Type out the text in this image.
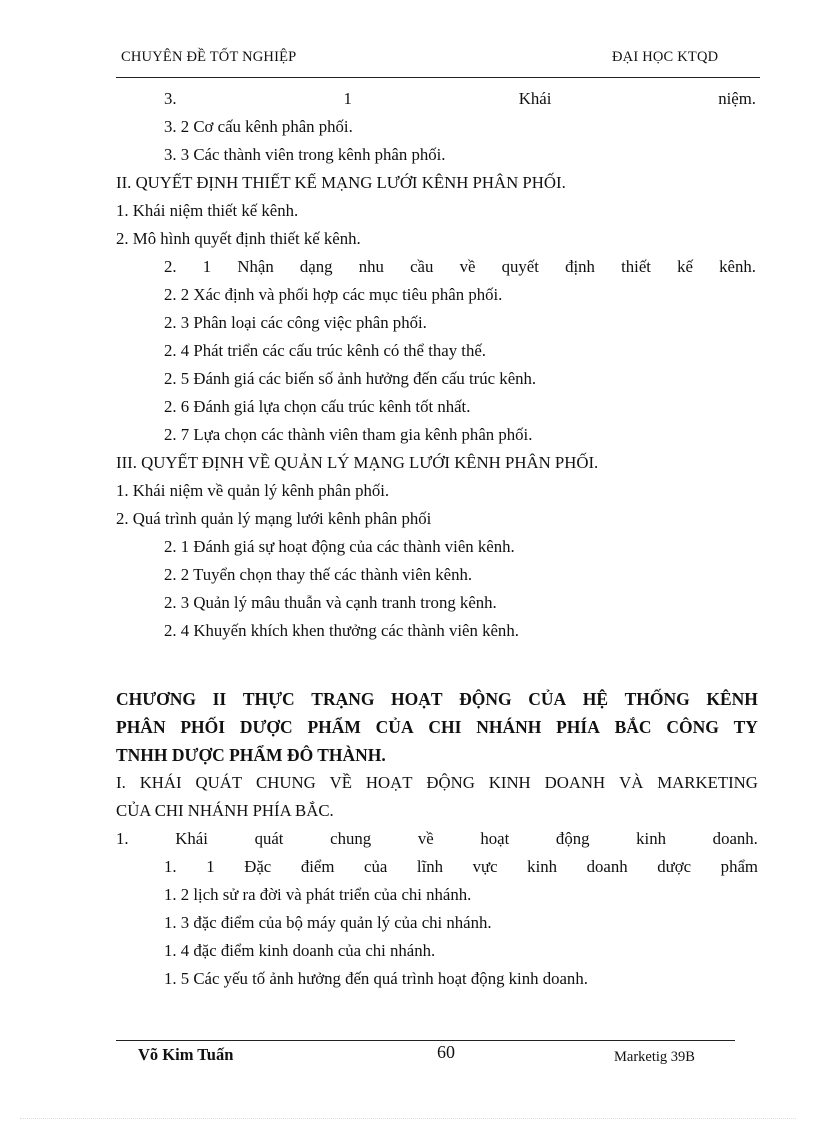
CHUYÊN ĐỀ TỐT NGHIỆP	ĐẠI HỌC KTQD
3.	1	Khái	niệm.
3. 2 Cơ cấu kênh phân phối.
3. 3 Các thành viên trong kênh phân phối.
II. QUYẾT ĐỊNH THIẾT KẾ MẠNG LƯỚI KÊNH PHÂN PHỐI.
1. Khái niệm thiết kế kênh.
2. Mô hình quyết định thiết kế kênh.
2. 1 Nhận dạng nhu cầu về quyết định thiết kế kênh.
2. 2 Xác định và phối hợp các mục tiêu phân phối.
2. 3 Phân loại các công việc phân phối.
2. 4 Phát triển các cấu trúc kênh có thể thay thế.
2. 5 Đánh giá các biến số ảnh hưởng đến cấu trúc kênh.
2. 6 Đánh giá lựa chọn cấu trúc kênh tốt nhất.
2. 7 Lựa chọn các thành viên tham gia kênh phân phối.
III. QUYẾT ĐỊNH VỀ QUẢN LÝ MẠNG LƯỚI KÊNH PHÂN PHỐI.
1. Khái niệm về quản lý kênh phân phối.
2. Quá trình quản lý mạng lưới kênh phân phối
2. 1 Đánh giá sự hoạt động của các thành viên kênh.
2. 2 Tuyển chọn thay thế các thành viên kênh.
2. 3 Quản lý mâu thuẫn và cạnh tranh trong kênh.
2. 4 Khuyến khích khen thưởng các thành viên kênh.
CHƯƠNG II THỰC TRẠNG HOẠT ĐỘNG CỦA HỆ THỐNG KÊNH
PHÂN PHỐI DƯỢC PHẨM CỦA CHI NHÁNH PHÍA BẮC CÔNG TY
TNHH DƯỢC PHẨM ĐÔ THÀNH.
I. KHÁI QUÁT CHUNG VỀ HOẠT ĐỘNG KINH DOANH VÀ MARKETING
CỦA CHI NHÁNH PHÍA BẮC.
1.	Khái	quát	chung	về	hoạt	động	kinh	doanh.
1. 1 Đặc điểm của lĩnh vực kinh doanh dược phẩm
1. 2 lịch sử ra đời và phát triển của chi nhánh.
1. 3 đặc điểm của bộ máy quản lý của chi nhánh.
1. 4 đặc điểm kinh doanh của chi nhánh.
1. 5 Các yếu tố ảnh hưởng đến quá trình hoạt động kinh doanh.
Võ Kim Tuấn	60	Marketig 39B
